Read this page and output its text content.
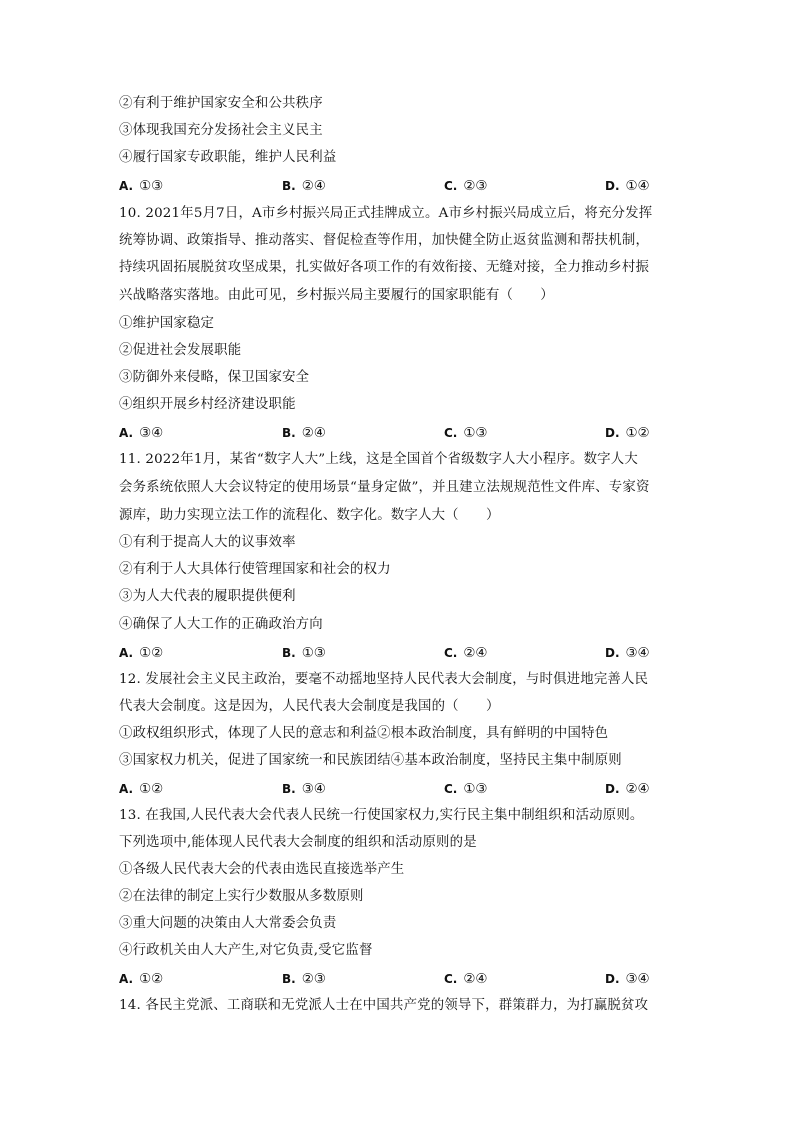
②有利于维护国家安全和公共秩序
③体现我国充分发扬社会主义民主
④履行国家专政职能，维护人民利益
A. ①③	B. ②④	C. ②③	D. ①④
10. 2021年5月7日，A市乡村振兴局正式挂牌成立。A市乡村振兴局成立后，将充分发挥
统筹协调、政策指导、推动落实、督促检查等作用，加快健全防止返贫监测和帮扶机制，
持续巩固拓展脱贫攻坚成果，扎实做好各项工作的有效衔接、无缝对接，全力推动乡村振
兴战略落实落地。由此可见，乡村振兴局主要履行的国家职能有（　　）
①维护国家稳定
②促进社会发展职能
③防御外来侵略，保卫国家安全
④组织开展乡村经济建设职能
A. ③④	B. ②④	C. ①③	D. ①②
11. 2022年1月，某省“数字人大”上线，这是全国首个省级数字人大小程序。数字人大
会务系统依照人大会议特定的使用场景“量身定做”，并且建立法规规范性文件库、专家资
源库，助力实现立法工作的流程化、数字化。数字人大（　　）
①有利于提高人大的议事效率
②有利于人大具体行使管理国家和社会的权力
③为人大代表的履职提供便利
④确保了人大工作的正确政治方向
A. ①②	B. ①③	C. ②④	D. ③④
12. 发展社会主义民主政治，要毫不动摇地坚持人民代表大会制度，与时俱进地完善人民
代表大会制度。这是因为，人民代表大会制度是我国的（　　）
①政权组织形式，体现了人民的意志和利益②根本政治制度，具有鲜明的中国特色
③国家权力机关，促进了国家统一和民族团结④基本政治制度，坚持民主集中制原则
A. ①②	B. ③④	C. ①③	D. ②④
13. 在我国,人民代表大会代表人民统一行使国家权力,实行民主集中制组织和活动原则。
下列选项中,能体现人民代表大会制度的组织和活动原则的是
①各级人民代表大会的代表由选民直接选举产生
②在法律的制定上实行少数服从多数原则
③重大问题的决策由人大常委会负责
④行政机关由人大产生,对它负责,受它监督
A. ①②	B. ②③	C. ②④	D. ③④
14. 各民主党派、工商联和无党派人士在中国共产党的领导下，群策群力，为打赢脱贫攻
